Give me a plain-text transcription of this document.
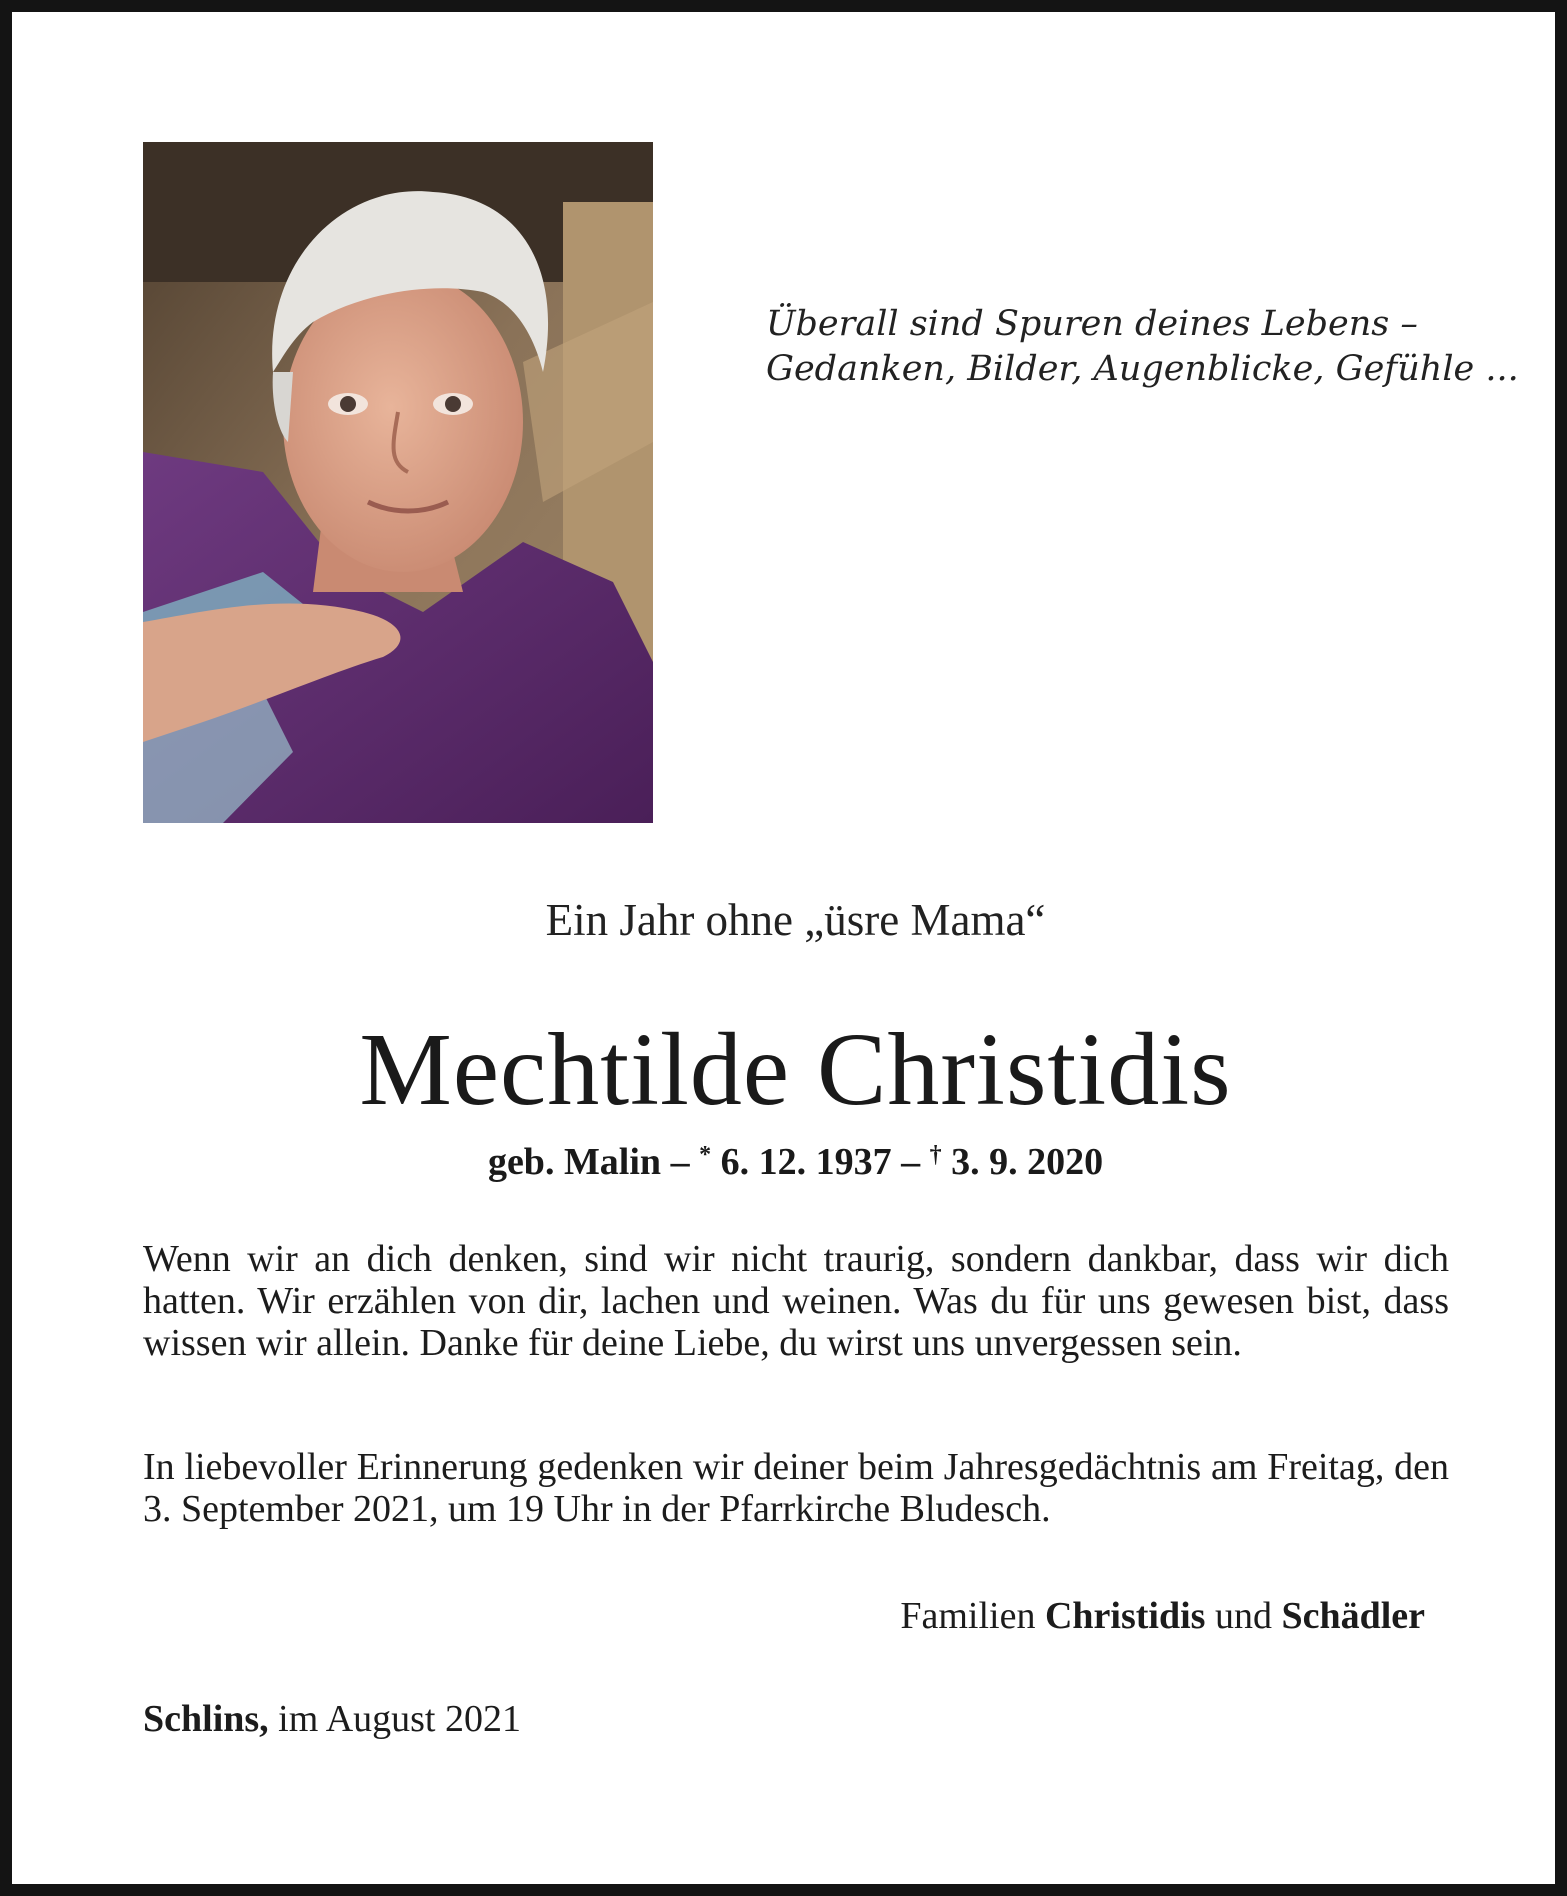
Überall sind Spuren deines Lebens –
Gedanken, Bilder, Augenblicke, Gefühle ...
Ein Jahr ohne „üsre Mama“
Mechtilde Christidis
geb. Malin – * 6. 12. 1937 – † 3. 9. 2020
Wenn wir an dich denken, sind wir nicht traurig, sondern dankbar, dass wir dich hatten. Wir erzählen von dir, lachen und weinen. Was du für uns gewesen bist, dass wissen wir allein. Danke für deine Liebe, du wirst uns unvergessen sein.
In liebevoller Erinnerung gedenken wir deiner beim Jahresgedächtnis am Freitag, den 3. September 2021, um 19 Uhr in der Pfarrkirche Bludesch.
Familien Christidis und Schädler
Schlins, im August 2021
